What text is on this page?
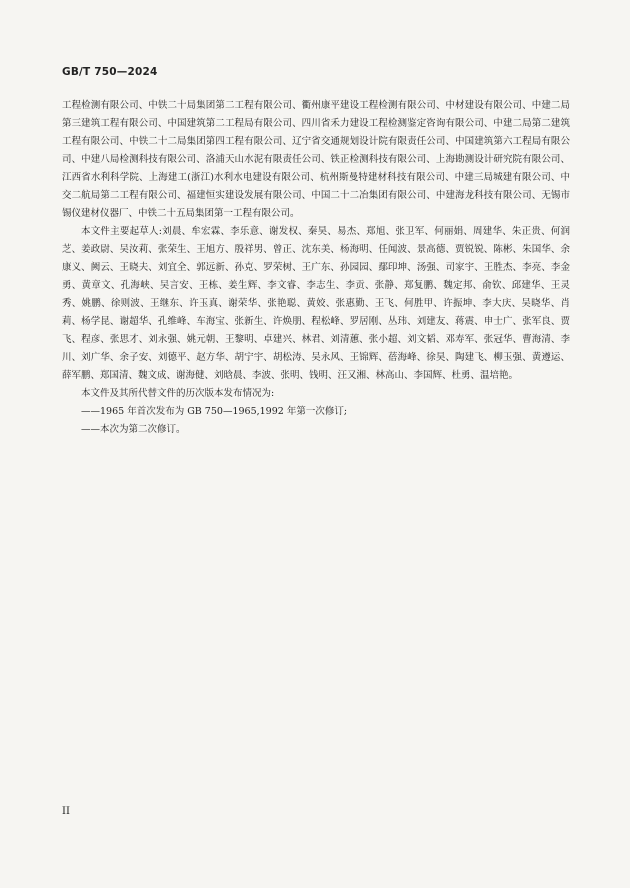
GB/T 750—2024

工程检测有限公司、中铁二十局集团第二工程有限公司、衢州康平建设工程检测有限公司、中材建设有限公司、中建二局第三建筑工程有限公司、中国建筑第二工程局有限公司、四川省禾力建设工程检测鉴定咨询有限公司、中建二局第二建筑工程有限公司、中铁二十二局集团第四工程有限公司、辽宁省交通规划设计院有限责任公司、中国建筑第六工程局有限公司、中建八局检测科技有限公司、洛浦天山水泥有限责任公司、铁正检测科技有限公司、上海勘测设计研究院有限公司、江西省水利科学院、上海建工(浙江)水利水电建设有限公司、杭州斯曼特建材科技有限公司、中建三局城建有限公司、中交二航局第二工程有限公司、福建恒实建设发展有限公司、中国二十二冶集团有限公司、中建海龙科技有限公司、无锡市锡仪建材仪器厂、中铁二十五局集团第一工程有限公司。

本文件主要起草人:刘晨、牟宏霖、李乐意、谢发权、秦昊、易杰、郑旭、张卫军、何丽娟、周建华、朱正贵、何润芝、姜政尉、吴汝莉、张荣生、王旭方、殷祥男、曾正、沈东美、杨海明、任闻波、景高德、贾锐锐、陈彬、朱国华、余康义、阙云、王晓夫、刘宜全、郭远新、孙克、罗荣树、王广东、孙园园、鄢印坤、汤强、司家宇、王胜杰、李亮、李金勇、黄章文、孔海峡、吴言安、王栋、姜生辉、李文睿、李志生、李贡、张静、郑复鹏、魏定邦、俞钦、邱建华、王灵秀、姚鹏、徐则波、王继东、许玉真、谢荣华、张艳聪、黄姣、张惠勤、王飞、何胜甲、许振坤、李大庆、吴晓华、肖莉、杨学昆、谢超华、孔维峰、车海宝、张新生、许焕朋、程松峰、罗居刚、丛玮、刘建友、蒋震、申士广、张军良、贾飞、程彦、张思才、刘永强、姚元朝、王黎明、卓建兴、林君、刘清蕙、张小超、刘文韬、邓寿军、张冠华、曹海清、李川、刘广华、余子安、刘德平、赵方华、胡宁宇、胡松涛、吴永风、王锦辉、蓓海峰、徐昊、陶建飞、柳玉强、黄遵运、薛军鹏、郑国清、魏文成、谢海健、刘晗晨、李波、张明、钱明、汪又湘、林高山、李国辉、杜勇、温培艳。

本文件及其所代替文件的历次版本发布情况为:

——1965 年首次发布为 GB 750—1965,1992 年第一次修订;

——本次为第二次修订。

II
